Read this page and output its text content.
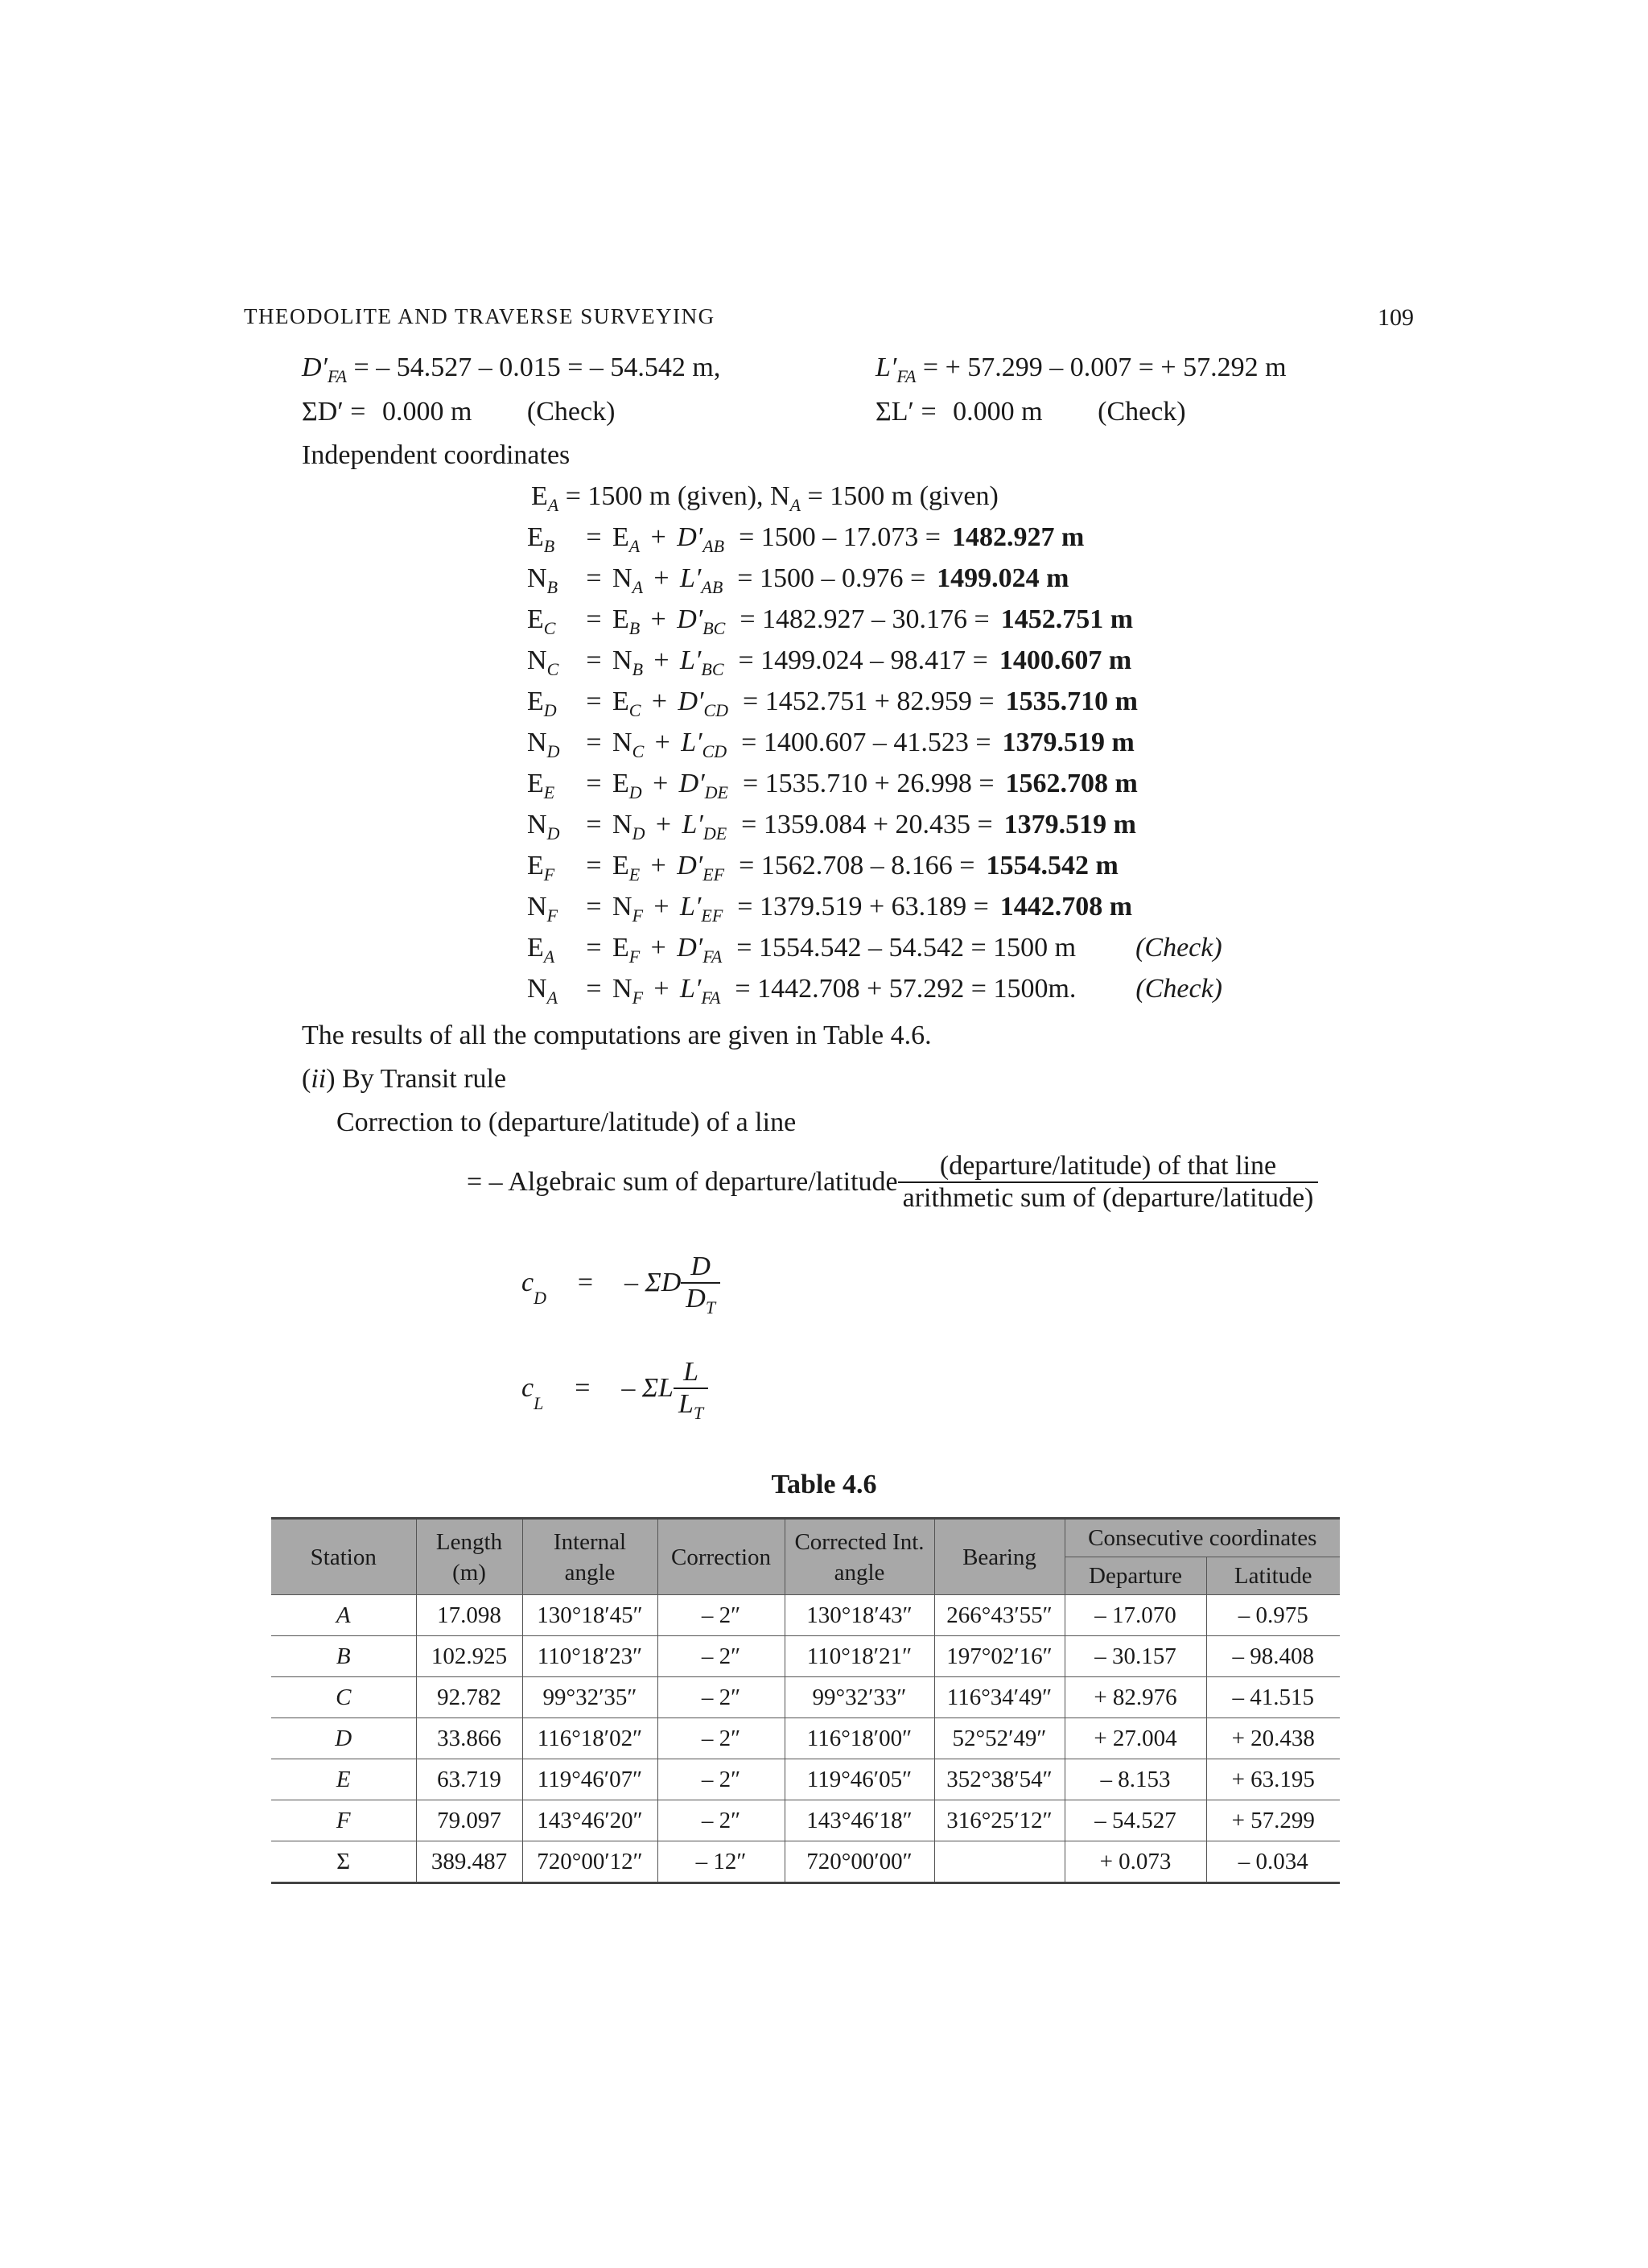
THEODOLITE AND TRAVERSE SURVEYING	109
$D'_{FA}$ = – 54.527 – 0.015 = – 54.542 m,	$L'_{FA}$ = + 57.299 – 0.007 = + 57.292 m
ΣD′ = 0.000 m (Check)	ΣL′ = 0.000 m (Check)
Independent coordinates
$E_A = 1500$ m (given), $N_A = 1500$ m (given)
$E_B = E_A + D'_{AB} = 1500 - 17.073 = 1482.927$ m
$N_B = N_A + L'_{AB} = 1500 - 0.976 = 1499.024$ m
$E_C = E_B + D'_{BC} = 1482.927 - 30.176 = 1452.751$ m
$N_C = N_B + L'_{BC} = 1499.024 - 98.417 = 1400.607$ m
$E_D = E_C + D'_{CD} = 1452.751 + 82.959 = 1535.710$ m
$N_D = N_C + L'_{CD} = 1400.607 - 41.523 = 1379.519$ m
$E_E = E_D + D'_{DE} = 1535.710 + 26.998 = 1562.708$ m
$N_D = N_D + L'_{DE} = 1359.084 + 20.435 = 1379.519$ m
$E_F = E_E + D'_{EF} = 1562.708 - 8.166 = 1554.542$ m
$N_F = N_F + L'_{EF} = 1379.519 + 63.189 = 1442.708$ m
$E_A = E_F + D'_{FA} = 1554.542 - 54.542 = 1500$ m (Check)
$N_A = N_F + L'_{FA} = 1442.708 + 57.292 = 1500m$. (Check)
The results of all the computations are given in Table 4.6.
(ii) By Transit rule
Correction to (departure/latitude) of a line
= – Algebraic sum of departure/latitude $\frac{\text{(departure/latitude) of that line}}{\text{arithmetic sum of (departure/latitude)}}$
$c_D$ = – ΣD $\frac{D}{D_T}$
$c_L$ = – ΣL $\frac{L}{L_T}$
Table 4.6
Station	Length (m)	Internal angle	Correction	Corrected Int. angle	Bearing	Consecutive coordinates	
						Departure	Latitude
A	17.098	130°18′45″	– 2″	130°18′43″	266°43′55″	– 17.070	– 0.975
B	102.925	110°18′23″	– 2″	110°18′21″	197°02′16″	– 30.157	– 98.408
C	92.782	99°32′35″	– 2″	99°32′33″	116°34′49″	+ 82.976	– 41.515
D	33.866	116°18′02″	– 2″	116°18′00″	52°52′49″	+ 27.004	+ 20.438
E	63.719	119°46′07″	– 2″	119°46′05″	352°38′54″	– 8.153	+ 63.195
F	79.097	143°46′20″	– 2″	143°46′18″	316°25′12″	– 54.527	+ 57.299
Σ	389.487	720°00′12″	– 12″	720°00′00″		+ 0.073	– 0.034
